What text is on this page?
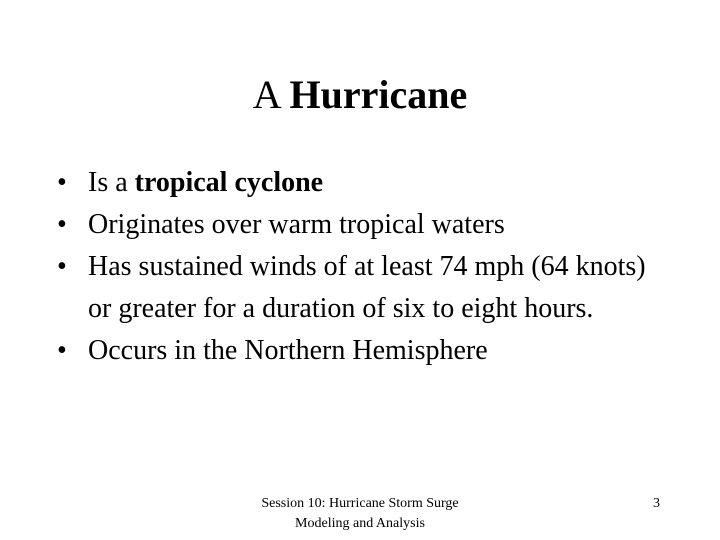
A Hurricane
• Is a tropical cyclone
• Originates over warm tropical waters
• Has sustained winds of at least 74 mph (64 knots) or greater for a duration of six to eight hours.
• Occurs in the Northern Hemisphere
Session 10: Hurricane Storm Surge
Modeling and Analysis
3
